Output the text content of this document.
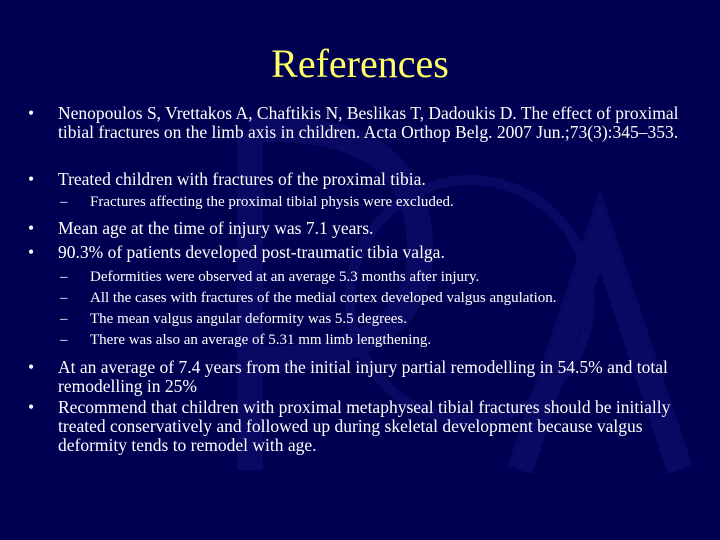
References
• Nenopoulos S, Vrettakos A, Chaftikis N, Beslikas T, Dadoukis D. The effect of proximal tibial fractures on the limb axis in children. Acta Orthop Belg. 2007 Jun.;73(3):345–353.
• Treated children with fractures of the proximal tibia.
– Fractures affecting the proximal tibial physis were excluded.
• Mean age at the time of injury was 7.1 years.
• 90.3% of patients developed post-traumatic tibia valga.
– Deformities were observed at an average 5.3 months after injury.
– All the cases with fractures of the medial cortex developed valgus angulation.
– The mean valgus angular deformity was 5.5 degrees.
– There was also an average of 5.31 mm limb lengthening.
• At an average of 7.4 years from the initial injury partial remodelling in 54.5% and total remodelling in 25%
• Recommend that children with proximal metaphyseal tibial fractures should be initially treated conservatively and followed up during skeletal development because valgus deformity tends to remodel with age.
